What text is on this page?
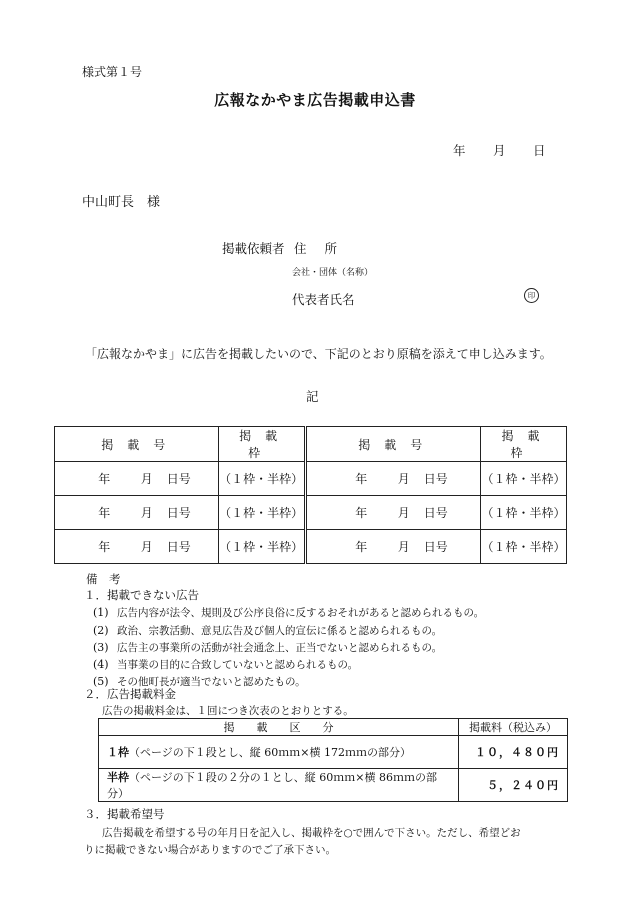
様式第１号
広報なかやま広告掲載申込書
年 月 日
中山町長　様
掲載依頼者 住所
会社・団体（名称）
代表者氏名	印
「広報なかやま」に広告を掲載したいので、下記のとおり原稿を添えて申し込みます。
記
掲載号	掲載枠	掲載号	掲載枠
年 月 日号	（１枠・半枠）	年 月 日号	（１枠・半枠）
年 月 日号	（１枠・半枠）	年 月 日号	（１枠・半枠）
年 月 日号	（１枠・半枠）	年 月 日号	（１枠・半枠）
備　考
１．掲載できない広告
(1) 広告内容が法令、規則及び公序良俗に反するおそれがあると認められるもの。
(2) 政治、宗教活動、意見広告及び個人的宣伝に係ると認められるもの。
(3) 広告主の事業所の活動が社会通念上、正当でないと認められるもの。
(4) 当事業の目的に合致していないと認められるもの。
(5) その他町長が適当でないと認めたもの。
２．広告掲載料金
広告の掲載料金は、１回につき次表のとおりとする。
掲　　載　　区　　分	掲載料（税込み）
１枠（ページの下１段とし、縦 60ｍｍ×横 172ｍｍの部分）	１０，４８０円
半枠（ページの下１段の２分の１とし、縦 60ｍｍ×横 86ｍｍの部分）	５，２４０円
３．掲載希望号
広告掲載を希望する号の年月日を記入し、掲載枠を○で囲んで下さい。ただし、希望どお
りに掲載できない場合がありますのでご了承下さい。
